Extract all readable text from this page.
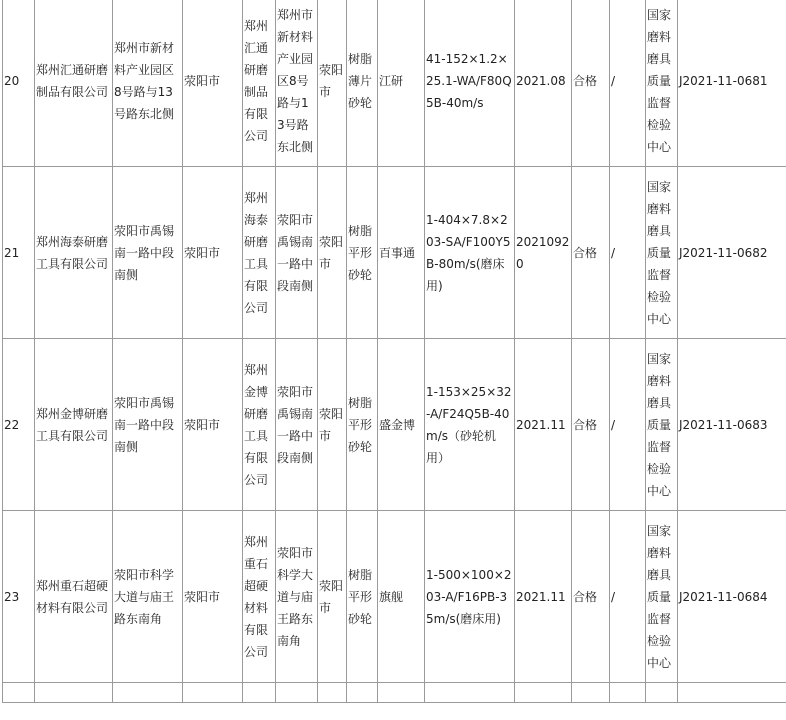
20	郑州汇通研磨制品有限公司	郑州市新材料产业园区8号路与13号路东北侧	荥阳市	郑州汇通研磨制品有限公司	郑州市新材料产业园区8号路与13号路东北侧	荥阳市	树脂薄片砂轮	江研	41-152×1.2×25.1-WA/F80Q5B-40m/s	2021.08	合格	/	国家磨料磨具质量监督检验中心	J2021-11-0681
21	郑州海泰研磨工具有限公司	荥阳市禹锡南一路中段南侧	荥阳市	郑州海泰研磨工具有限公司	荥阳市禹锡南一路中段南侧	荥阳市	树脂平形砂轮	百事通	1-404×7.8×203-SA/F100Y5B-80m/s(磨床用)	20210920	合格	/	国家磨料磨具质量监督检验中心	J2021-11-0682
22	郑州金博研磨工具有限公司	荥阳市禹锡南一路中段南侧	荥阳市	郑州金博研磨工具有限公司	荥阳市禹锡南一路中段南侧	荥阳市	树脂平形砂轮	盛金博	1-153×25×32-A/F24Q5B-40m/s（砂轮机用）	2021.11	合格	/	国家磨料磨具质量监督检验中心	J2021-11-0683
23	郑州重石超硬材料有限公司	荥阳市科学大道与庙王路东南角	荥阳市	郑州重石超硬材料有限公司	荥阳市科学大道与庙王路东南角	荥阳市	树脂平形砂轮	旗舰	1-500×100×203-A/F16PB-35m/s(磨床用)	2021.11	合格	/	国家磨料磨具质量监督检验中心	J2021-11-0684
